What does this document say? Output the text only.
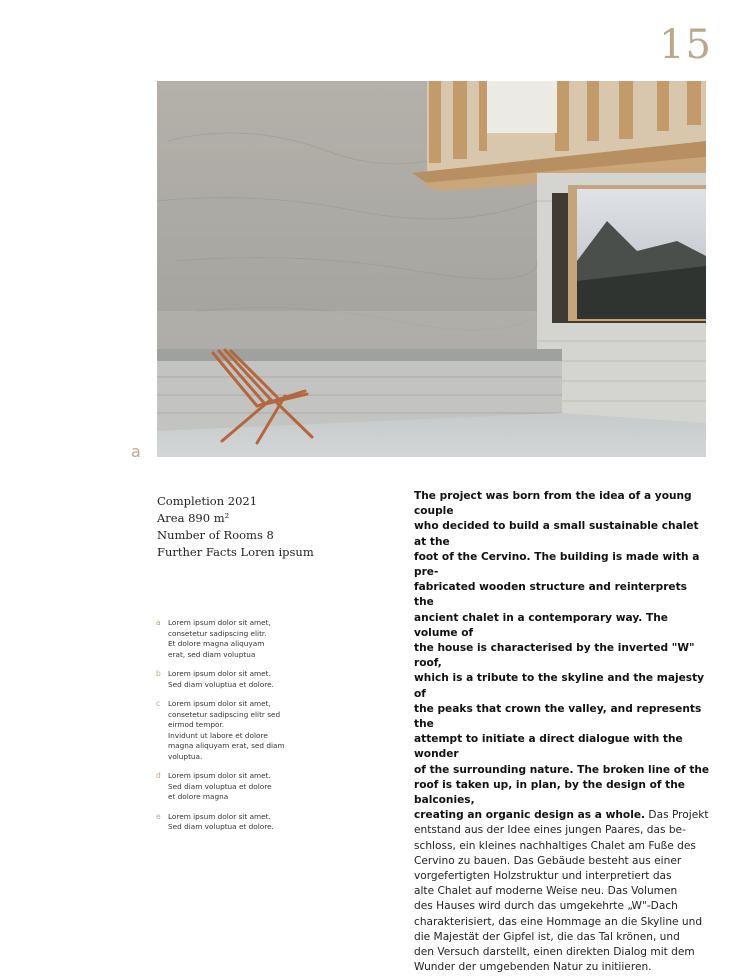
15
a
Completion 2021
Area 890 m²
Number of Rooms 8
Further Facts Loren ipsum
a	Lorem ipsum dolor sit amet,
consetetur sadipscing elitr.
Et dolore magna aliquyam
erat, sed diam voluptua
b Lorem ipsum dolor sit amet.
Sed diam voluptua et dolore.
c	Lorem ipsum dolor sit amet,
consetetur sadipscing elitr sed
eirmod tempor.
Invidunt ut labore et dolore
magna aliquyam erat, sed diam
voluptua.
d Lorem ipsum dolor sit amet.
Sed diam voluptua et dolore
et dolore magna
e	Lorem ipsum dolor sit amet.
Sed diam voluptua et dolore.
The project was born from the idea of a young couple
who decided to build a small sustainable chalet at the
foot of the Cervino. The building is made with a pre-
fabricated wooden structure and reinterprets the
ancient chalet in a contemporary way. The volume of
the house is characterised by the inverted "W" roof,
which is a tribute to the skyline and the majesty of
the peaks that crown the valley, and represents the
attempt to initiate a direct dialogue with the wonder
of the surrounding nature. The broken line of the
roof is taken up, in plan, by the design of the balconies,
creating an organic design as a whole. Das Projekt
entstand aus der Idee eines jungen Paares, das be-
schloss, ein kleines nachhaltiges Chalet am Fuße des
Cervino zu bauen. Das Gebäude besteht aus einer
vorgefertigten Holzstruktur und interpretiert das
alte Chalet auf moderne Weise neu. Das Volumen
des Hauses wird durch das umgekehrte „W"-Dach
charakterisiert, das eine Hommage an die Skyline und
die Majestät der Gipfel ist, die das Tal krönen, und
den Versuch darstellt, einen direkten Dialog mit dem
Wunder der umgebenden Natur zu initiieren.
